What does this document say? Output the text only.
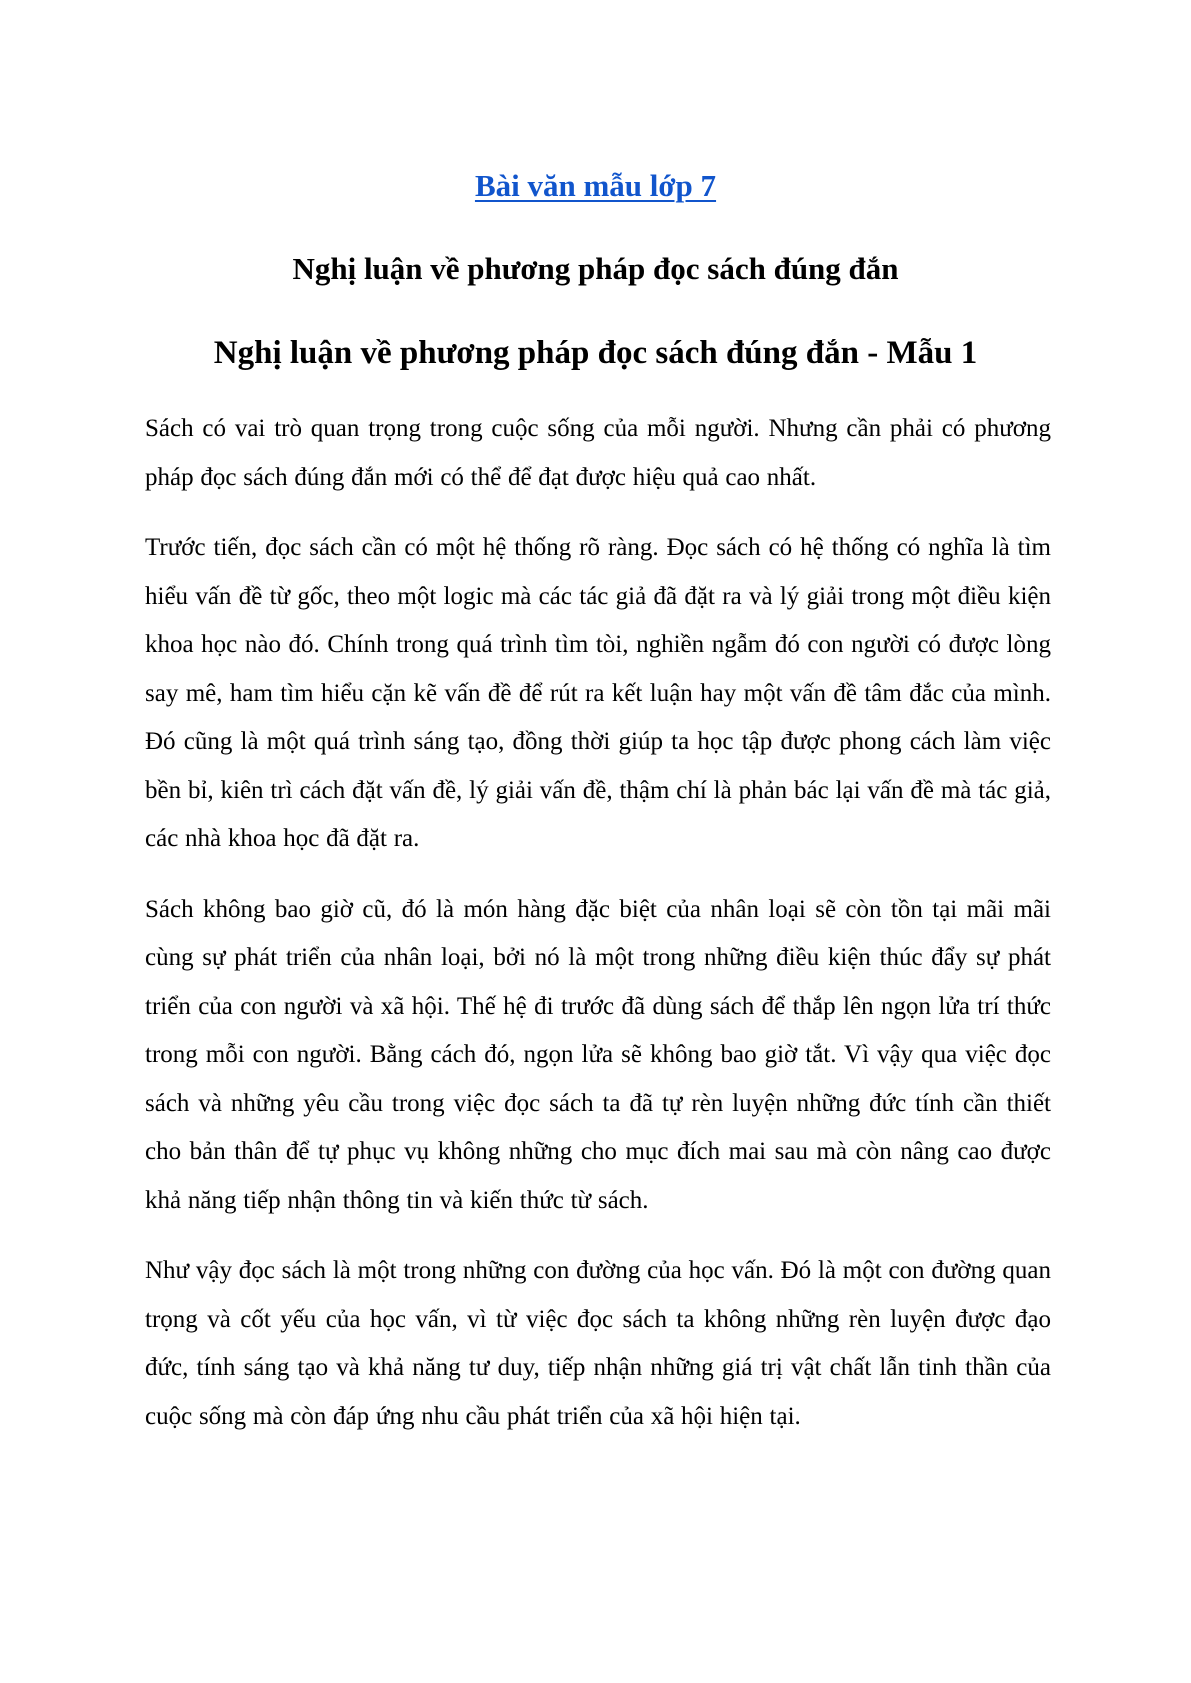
Bài văn mẫu lớp 7
Nghị luận về phương pháp đọc sách đúng đắn
Nghị luận về phương pháp đọc sách đúng đắn - Mẫu 1

Sách có vai trò quan trọng trong cuộc sống của mỗi người. Nhưng cần phải có phương pháp đọc sách đúng đắn mới có thể để đạt được hiệu quả cao nhất.

Trước tiến, đọc sách cần có một hệ thống rõ ràng. Đọc sách có hệ thống có nghĩa là tìm hiểu vấn đề từ gốc, theo một logic mà các tác giả đã đặt ra và lý giải trong một điều kiện khoa học nào đó. Chính trong quá trình tìm tòi, nghiền ngẫm đó con người có được lòng say mê, ham tìm hiểu cặn kẽ vấn đề để rút ra kết luận hay một vấn đề tâm đắc của mình. Đó cũng là một quá trình sáng tạo, đồng thời giúp ta học tập được phong cách làm việc bền bỉ, kiên trì cách đặt vấn đề, lý giải vấn đề, thậm chí là phản bác lại vấn đề mà tác giả, các nhà khoa học đã đặt ra.

Sách không bao giờ cũ, đó là món hàng đặc biệt của nhân loại sẽ còn tồn tại mãi mãi cùng sự phát triển của nhân loại, bởi nó là một trong những điều kiện thúc đẩy sự phát triển của con người và xã hội. Thế hệ đi trước đã dùng sách để thắp lên ngọn lửa trí thức trong mỗi con người. Bằng cách đó, ngọn lửa sẽ không bao giờ tắt. Vì vậy qua việc đọc sách và những yêu cầu trong việc đọc sách ta đã tự rèn luyện những đức tính cần thiết cho bản thân để tự phục vụ không những cho mục đích mai sau mà còn nâng cao được khả năng tiếp nhận thông tin và kiến thức từ sách.

Như vậy đọc sách là một trong những con đường của học vấn. Đó là một con đường quan trọng và cốt yếu của học vấn, vì từ việc đọc sách ta không những rèn luyện được đạo đức, tính sáng tạo và khả năng tư duy, tiếp nhận những giá trị vật chất lẫn tinh thần của cuộc sống mà còn đáp ứng nhu cầu phát triển của xã hội hiện tại.
